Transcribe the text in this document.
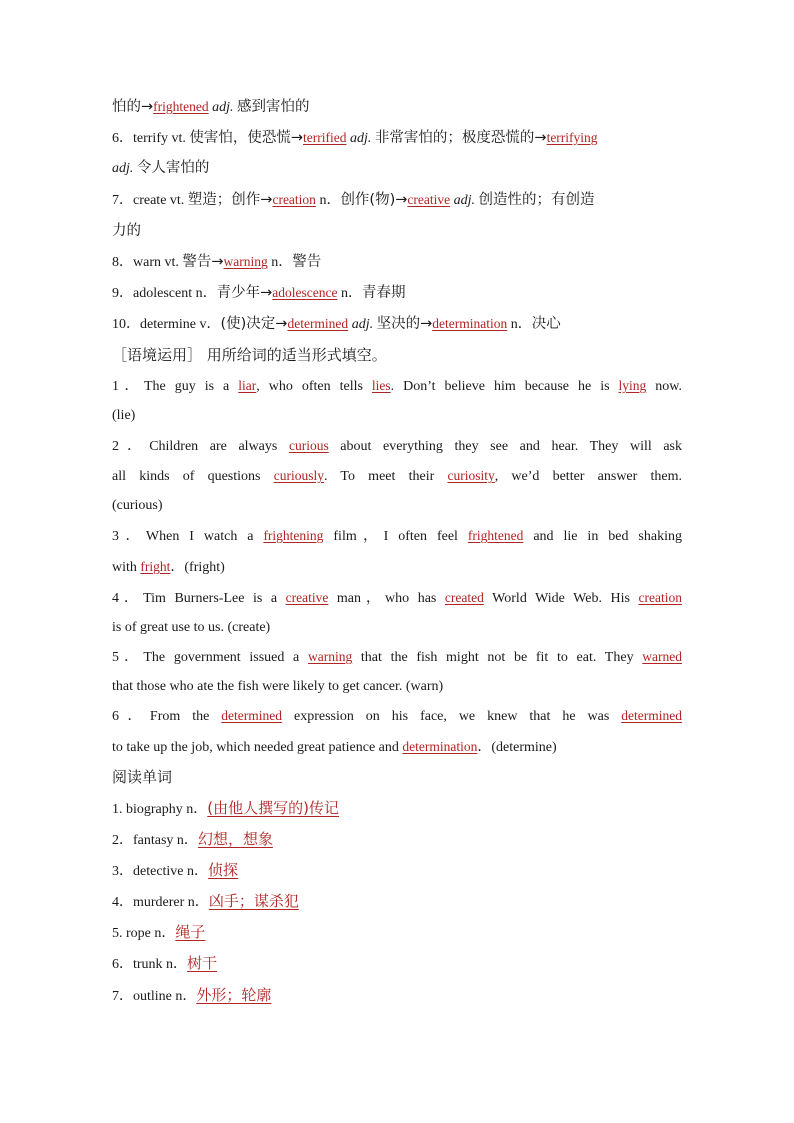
怕的→frightened adj. 感到害怕的
6．terrify vt. 使害怕，使恐慌→terrified adj. 非常害怕的；极度恐慌的→terrifying
adj. 令人害怕的
7．create vt. 塑造；创作→creation n．创作(物)→creative adj. 创造性的；有创造
力的
8．warn vt. 警告→warning n．警告
9．adolescent n．青少年→adolescence n．青春期
10．determine v．(使)决定→determined adj. 坚决的→determination n．决心
［语境运用］ 用所给词的适当形式填空。
1．The guy is a liar, who often tells lies. Don’t believe him because he is lying now.
(lie)
2．Children are always curious about everything they see and hear. They will ask
all kinds of questions curiously. To meet their curiosity, we’d better answer them.
(curious)
3．When I watch a frightening film，I often feel frightened and lie in bed shaking
with fright．(fright)
4．Tim Burners-Lee is a creative man，who has created World Wide Web. His creation
is of great use to us. (create)
5．The government issued a warning that the fish might not be fit to eat. They warned
that those who ate the fish were likely to get cancer. (warn)
6．From the determined expression on his face, we knew that he was determined
to take up the job, which needed great patience and determination．(determine)
阅读单词
1. biography n．(由他人撰写的)传记
2．fantasy n．幻想，想象
3．detective n．侦探
4．murderer n．凶手；谋杀犯
5. rope n．绳子
6．trunk n．树干
7．outline n．外形；轮廓
